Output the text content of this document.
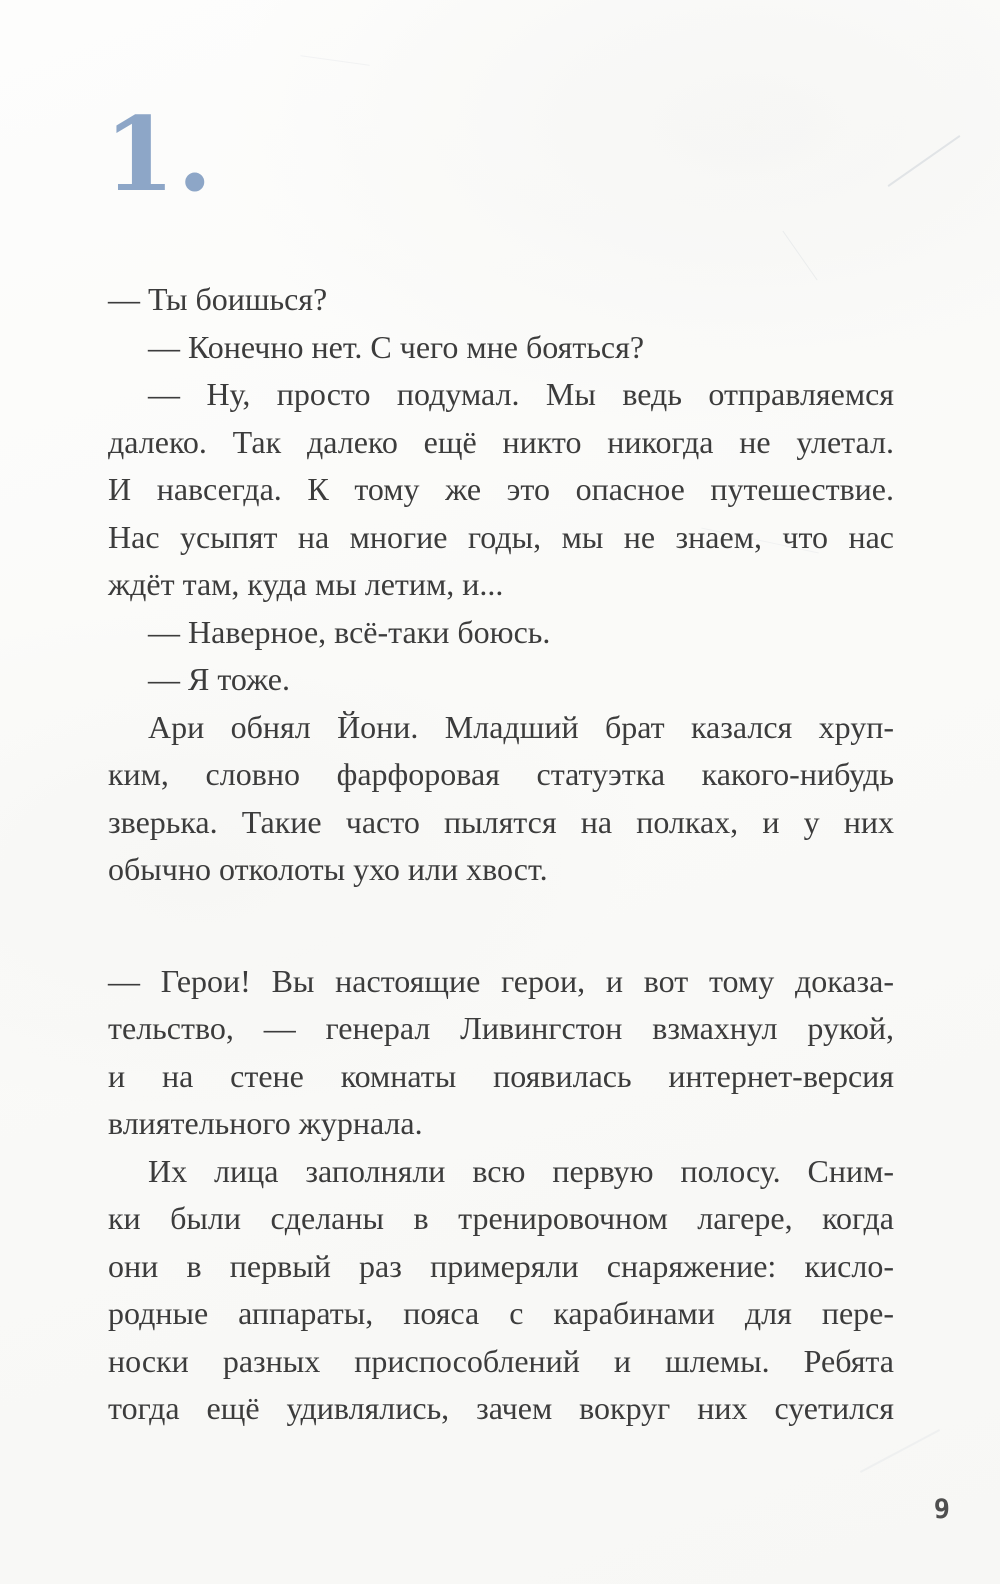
1.
— Ты боишься?
— Конечно нет. С чего мне бояться?
— Ну, просто подумал. Мы ведь отправляемся
далеко. Так далеко ещё никто никогда не улетал.
И навсегда. К тому же это опасное путешествие.
Нас усыпят на многие годы, мы не знаем, что нас
ждёт там, куда мы летим, и...
— Наверное, всё-таки боюсь.
— Я тоже.
Ари обнял Йони. Младший брат казался хруп-
ким, словно фарфоровая статуэтка какого-нибудь
зверька. Такие часто пылятся на полках, и у них
обычно отколоты ухо или хвост.
— Герои! Вы настоящие герои, и вот тому доказа-
тельство, — генерал Ливингстон взмахнул рукой,
и на стене комнаты появилась интернет-версия
влиятельного журнала.
Их лица заполняли всю первую полосу. Сним-
ки были сделаны в тренировочном лагере, когда
они в первый раз примеряли снаряжение: кисло-
родные аппараты, пояса с карабинами для пере-
носки разных приспособлений и шлемы. Ребята
тогда ещё удивлялись, зачем вокруг них суетился
9
